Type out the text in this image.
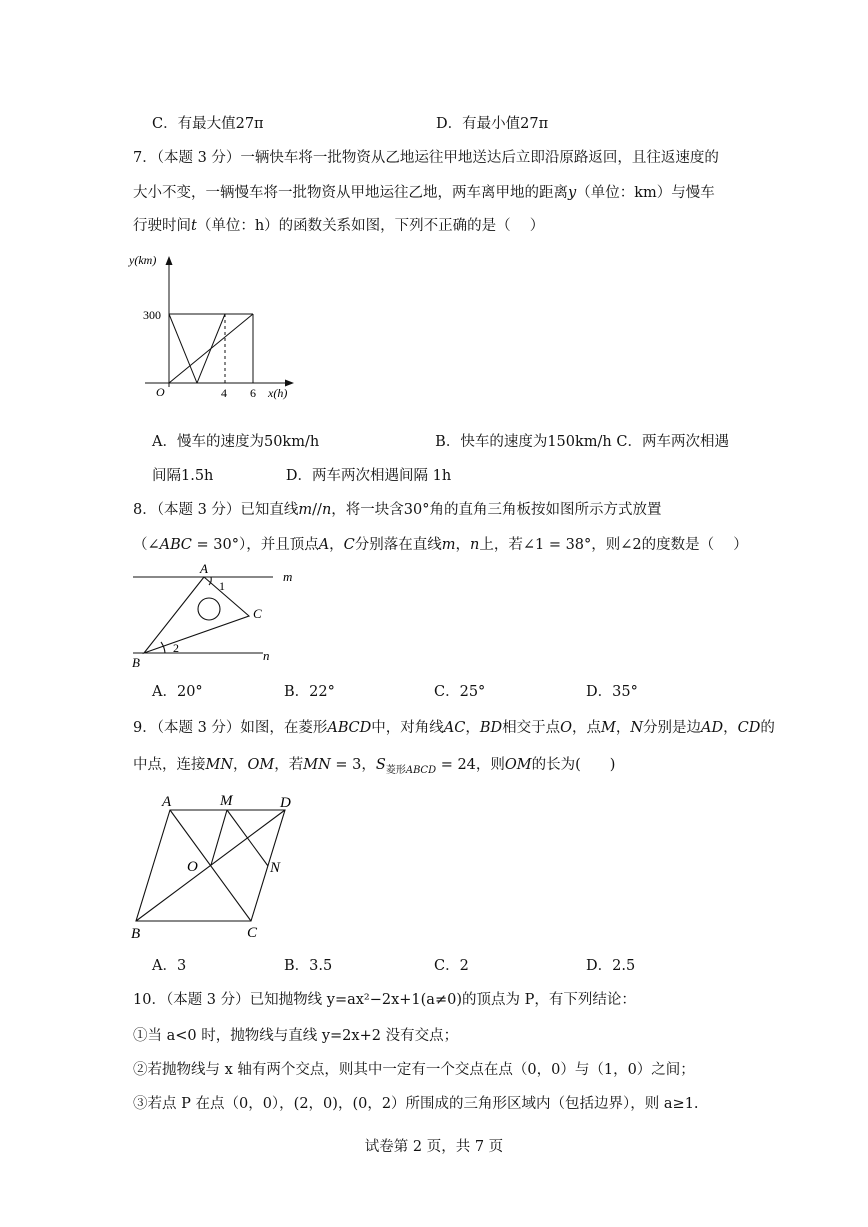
C．有最大值27π	D．有最小值27π
7．（本题 3 分）一辆快车将一批物资从乙地运往甲地送达后立即沿原路返回，且往返速度的
大小不变，一辆慢车将一批物资从甲地运往乙地，两车离甲地的距离𝑦（单位：km）与慢车
行驶时间𝑡（单位：h）的函数关系如图，下列不正确的是（　 ）
y(km)
300
O	4 6 x(h)
A．慢车的速度为50km/h　　　　　　　　B．快车的速度为150km/h C．两车两次相遇
间隔1.5h　　　　　D．两车两次相遇间隔 1h
8．（本题 3 分）已知直线𝑚//𝑛，将一块含30°角的直角三角板按如图所示方式放置
（∠𝐴𝐵𝐶 = 30°），并且顶点𝐴，𝐶分别落在直线𝑚，𝑛上，若∠1 = 38°，则∠2的度数是（　 ）
A
1
C
B
2
m
n
A．20°	B．22°	C．25°	D．35°
9．（本题 3 分）如图，在菱形𝐴𝐵𝐶𝐷中，对角线𝐴𝐶，𝐵𝐷相交于点𝑂，点𝑀，𝑁分别是边𝐴𝐷，𝐶𝐷的
中点，连接𝑀𝑁，𝑂𝑀，若𝑀𝑁 = 3，𝑆$_{菱形𝐴𝐵𝐶𝐷}$ = 24，则𝑂𝑀的长为(　　)
A	M	D
O	N
B	C
A．3	B．3.5	C．2	D．2.5
10．（本题 3 分）已知抛物线 y=ax²−2x+1(a≠0)的顶点为 P，有下列结论：
①当 a<0 时，抛物线与直线 y=2x+2 没有交点；
②若抛物线与 x 轴有两个交点，则其中一定有一个交点在点（0，0）与（1，0）之间；
③若点 P 在点（0，0），(2，0)，(0，2）所围成的三角形区域内（包括边界），则 a≥1.
试卷第 2 页，共 7 页
